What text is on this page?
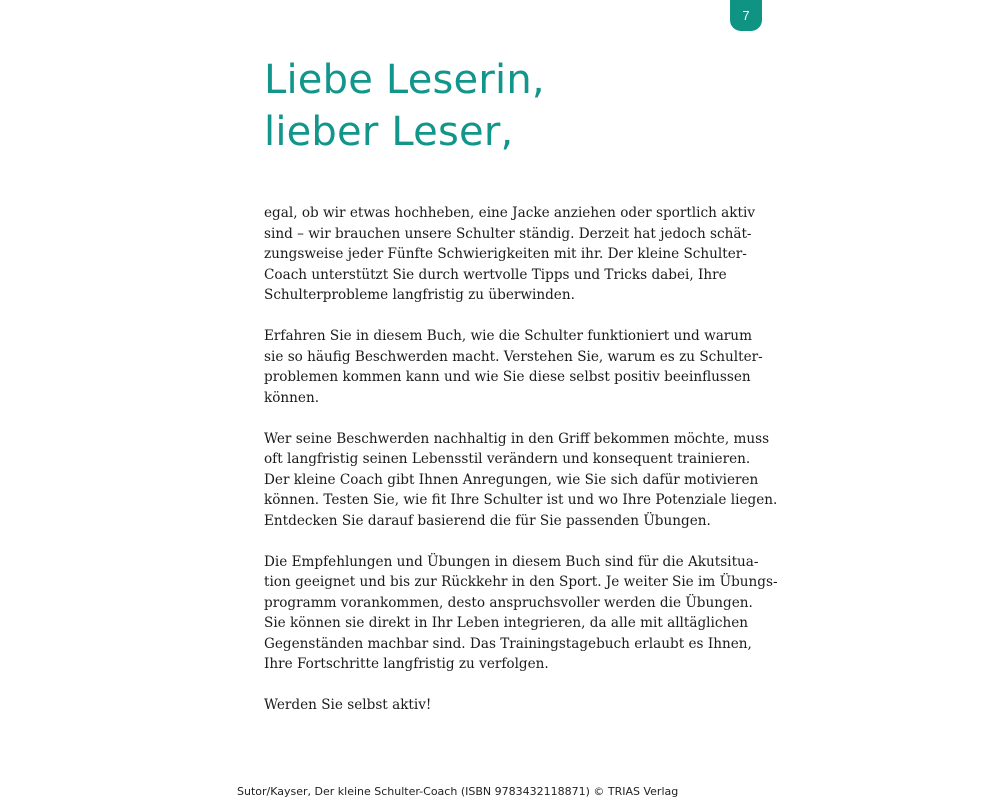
7
Liebe Leserin,
lieber Leser,

egal, ob wir etwas hochheben, eine Jacke anziehen oder sportlich aktiv
sind – wir brauchen unsere Schulter ständig. Derzeit hat jedoch schät-
zungsweise jeder Fünfte Schwierigkeiten mit ihr. Der kleine Schulter-
Coach unterstützt Sie durch wertvolle Tipps und Tricks dabei, Ihre
Schulterprobleme langfristig zu überwinden.

Erfahren Sie in diesem Buch, wie die Schulter funktioniert und warum
sie so häufig Beschwerden macht. Verstehen Sie, warum es zu Schulter-
problemen kommen kann und wie Sie diese selbst positiv beeinflussen
können.

Wer seine Beschwerden nachhaltig in den Griff bekommen möchte, muss
oft langfristig seinen Lebensstil verändern und konsequent trainieren.
Der kleine Coach gibt Ihnen Anregungen, wie Sie sich dafür motivieren
können. Testen Sie, wie fit Ihre Schulter ist und wo Ihre Potenziale liegen.
Entdecken Sie darauf basierend die für Sie passenden Übungen.

Die Empfehlungen und Übungen in diesem Buch sind für die Akutsitua-
tion geeignet und bis zur Rückkehr in den Sport. Je weiter Sie im Übungs-
programm vorankommen, desto anspruchsvoller werden die Übungen.
Sie können sie direkt in Ihr Leben integrieren, da alle mit alltäglichen
Gegenständen machbar sind. Das Trainingstagebuch erlaubt es Ihnen,
Ihre Fortschritte langfristig zu verfolgen.

Werden Sie selbst aktiv!

Sutor/Kayser, Der kleine Schulter-Coach (ISBN 9783432118871) © TRIAS Verlag
